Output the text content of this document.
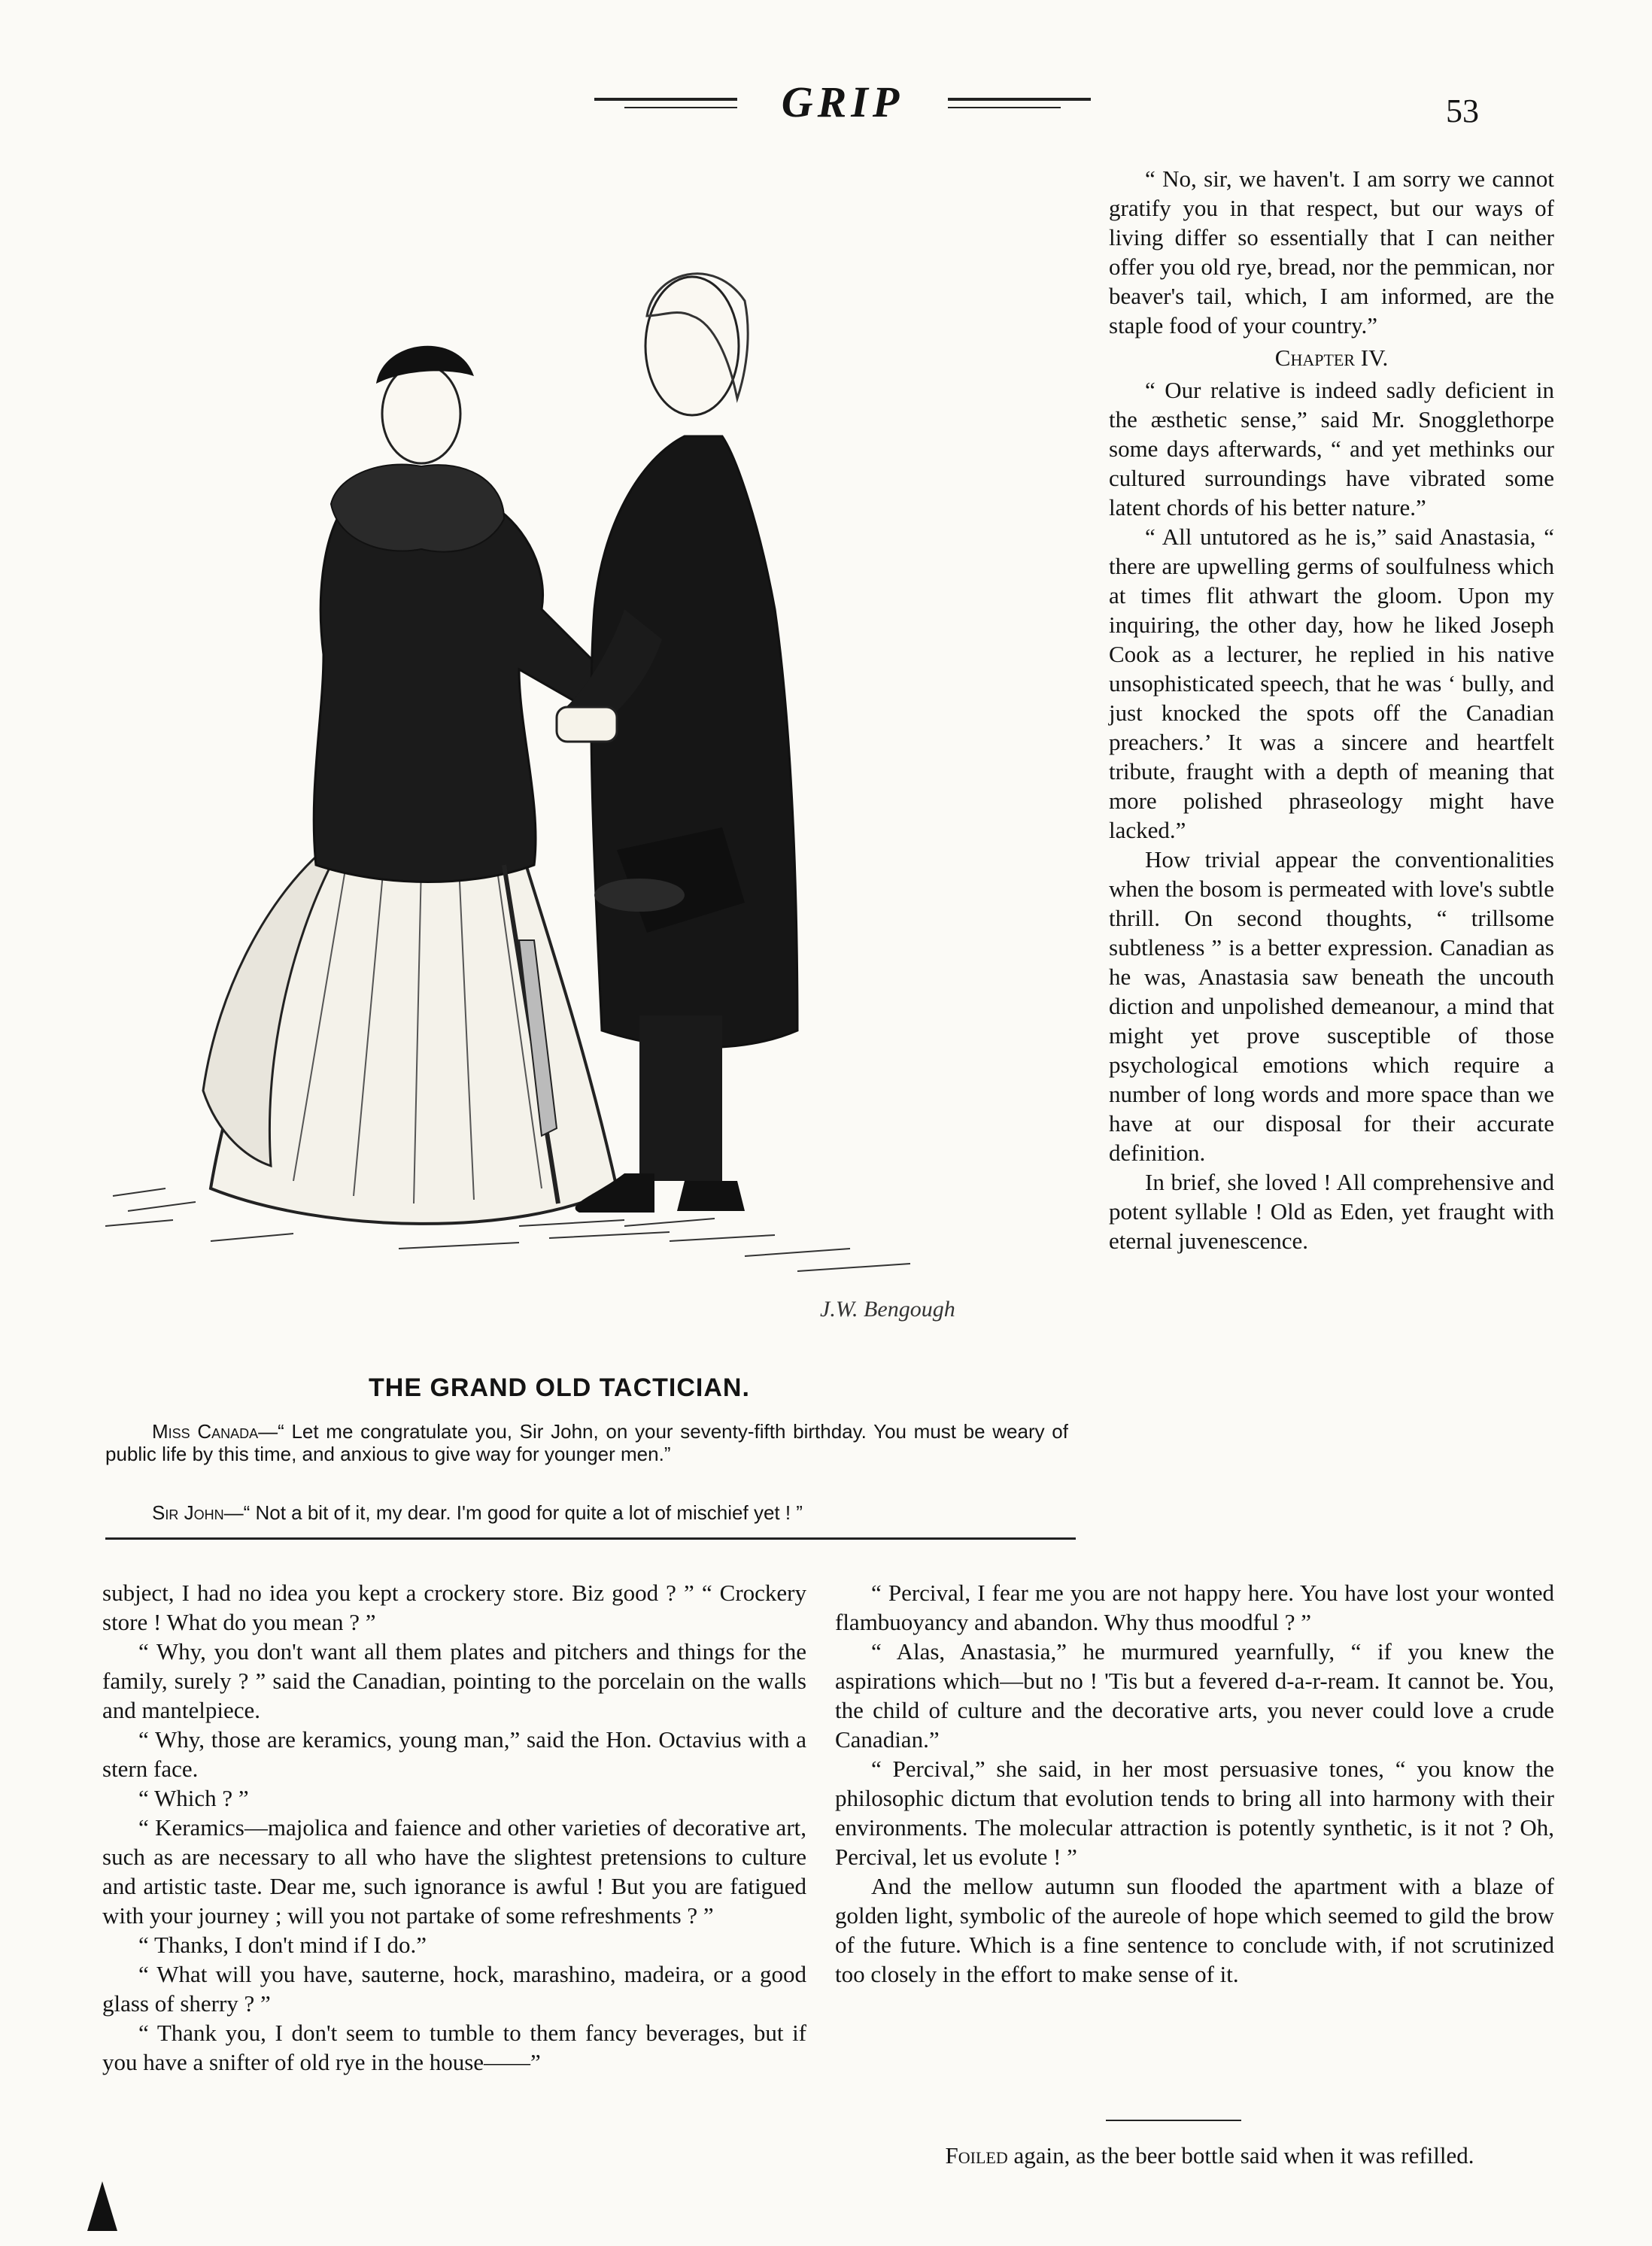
GRIP	53
J.W. Bengough
THE GRAND OLD TACTICIAN.
Miss Canada—“ Let me congratulate you, Sir John, on your seventy-fifth birthday. You must be weary of public life by this time, and anxious to give way for younger men.”
Sir John—“ Not a bit of it, my dear. I'm good for quite a lot of mischief yet ! ”

“ No, sir, we haven't. I am sorry we cannot gratify you in that respect, but our ways of living differ so essentially that I can neither offer you old rye, bread, nor the pemmican, nor beaver's tail, which, I am informed, are the staple food of your country.”

Chapter IV.

“ Our relative is indeed sadly deficient in the æsthetic sense,” said Mr. Snogglethorpe some days afterwards, “ and yet methinks our cultured surroundings have vibrated some latent chords of his better nature.”

“ All untutored as he is,” said Anastasia, “ there are upwelling germs of soulfulness which at times flit athwart the gloom. Upon my inquiring, the other day, how he liked Joseph Cook as a lecturer, he replied in his native unsophisticated speech, that he was ‘ bully, and just knocked the spots off the Canadian preachers.’ It was a sincere and heartfelt tribute, fraught with a depth of meaning that more polished phraseology might have lacked.”

How trivial appear the conventionalities when the bosom is permeated with love's subtle thrill. On second thoughts, “ trillsome subtleness ” is a better expression. Canadian as he was, Anastasia saw beneath the uncouth diction and unpolished demeanour, a mind that might yet prove susceptible of those psychological emotions which require a number of long words and more space than we have at our disposal for their accurate definition.

In brief, she loved ! All comprehensive and potent syllable ! Old as Eden, yet fraught with eternal juvenescence.

subject, I had no idea you kept a crockery store. Biz good ? ” “ Crockery store ! What do you mean ? ”

“ Why, you don't want all them plates and pitchers and things for the family, surely ? ” said the Canadian, pointing to the porcelain on the walls and mantelpiece.

“ Why, those are keramics, young man,” said the Hon. Octavius with a stern face.

“ Which ? ”

“ Keramics—majolica and faience and other varieties of decorative art, such as are necessary to all who have the slightest pretensions to culture and artistic taste. Dear me, such ignorance is awful ! But you are fatigued with your journey ; will you not partake of some refreshments ? ”

“ Thanks, I don't mind if I do.”

“ What will you have, sauterne, hock, marashino, madeira, or a good glass of sherry ? ”

“ Thank you, I don't seem to tumble to them fancy beverages, but if you have a snifter of old rye in the house——”

“ Percival, I fear me you are not happy here. You have lost your wonted flambuoyancy and abandon. Why thus moodful ? ”

“ Alas, Anastasia,” he murmured yearnfully, “ if you knew the aspirations which—but no ! 'Tis but a fevered d-a-r-ream. It cannot be. You, the child of culture and the decorative arts, you never could love a crude Canadian.”

“ Percival,” she said, in her most persuasive tones, “ you know the philosophic dictum that evolution tends to bring all into harmony with their environments. The molecular attraction is potently synthetic, is it not ? Oh, Percival, let us evolute ! ”

And the mellow autumn sun flooded the apartment with a blaze of golden light, symbolic of the aureole of hope which seemed to gild the brow of the future. Which is a fine sentence to conclude with, if not scrutinized too closely in the effort to make sense of it.

Foiled again, as the beer bottle said when it was refilled.
